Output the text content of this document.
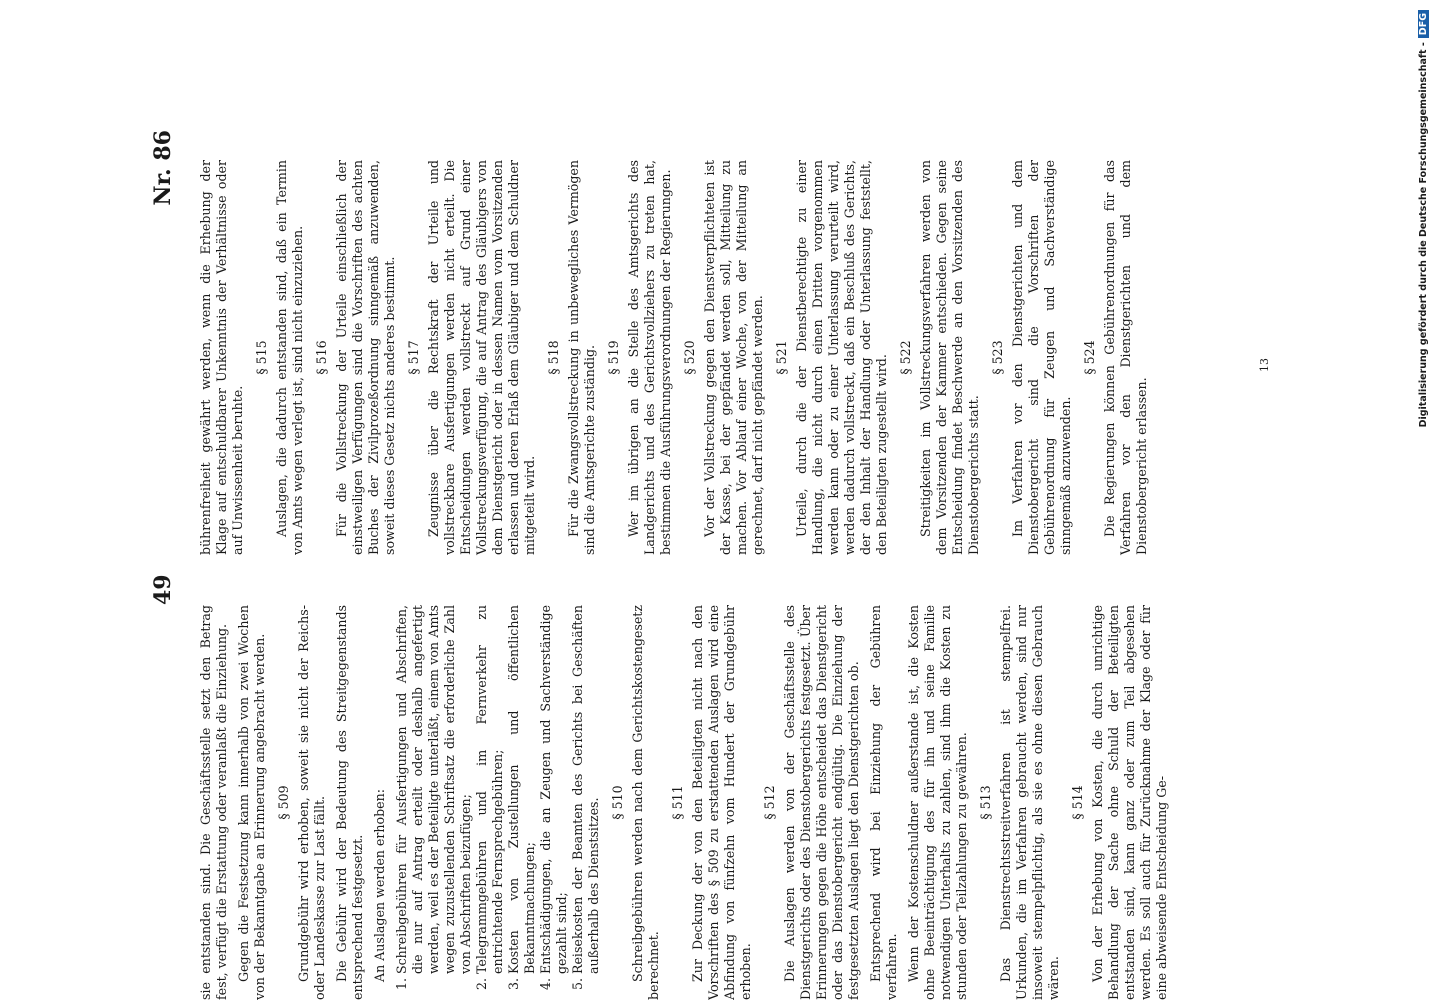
49
Nr. 86

sie entstanden sind. Die Geschäftsstelle setzt den Betrag fest, verfügt die Erstattung oder veranlaßt die Einziehung. Gegen die Festsetzung kann innerhalb von zwei Wochen von der Bekanntgabe an Erinnerung angebracht werden. § 509 Grundgebühr wird erhoben, soweit sie nicht der Reichs- oder Landeskasse zur Last fällt. Die Gebühr wird der Bedeutung des Streitgegenstands entsprechend festgesetzt. An Auslagen werden erhoben: 1. Schreibgebühren für Ausfertigungen und Abschriften, die nur auf Antrag erteilt oder deshalb angefertigt werden, weil es der Beteiligte unterläßt, einem von Amts wegen zuzustellenden Schriftsatz die erforderliche Zahl von Abschriften beizufügen; 2. Telegrammgebühren und im Fernverkehr zu entrichtende Fernsprechgebühren; 3. Kosten von Zustellungen und öffentlichen Bekanntmachungen; 4. Entschädigungen, die an Zeugen und Sachverständige gezahlt sind; 5. Reisekosten der Beamten des Gerichts bei Geschäften außerhalb des Dienstsitzes. § 510 Schreibgebühren werden nach dem Gerichtskostengesetz berechnet.

§ 511 Zur Deckung der von den Beteiligten nicht nach den Vorschriften des § 509 zu erstattenden Auslagen wird eine Abfindung von fünfzehn vom Hundert der Grundgebühr erhoben.

§ 512 Die Auslagen werden von der Geschäftsstelle des Dienstgerichts oder des Dienstobergerichts festgesetzt. Über Erinnerungen gegen die Höhe entscheidet das Dienstgericht oder das Dienstobergericht endgültig. Die Einziehung der festgesetzten Auslagen liegt den Dienstgerichten ob. Entsprechend wird bei Einziehung der Gebühren verfahren. Wenn der Kostenschuldner außerstande ist, die Kosten ohne Beeinträchtigung des für ihn und seine Familie notwendigen Unterhalts zu zahlen, sind ihm die Kosten zu stunden oder Teilzahlungen zu gewähren. § 513 Das Dienstrechtsstreitverfahren ist stempelfrei. Urkunden, die im Verfahren gebraucht werden, sind nur insoweit stempelpflichtig, als sie es ohne diesen Gebrauch wären.

§ 514 Von der Erhebung von Kosten, die durch unrichtige Behandlung der Sache ohne Schuld der Beteiligten entstanden sind, kann ganz oder zum Teil abgesehen werden. Es soll auch für Zurücknahme der Klage oder für eine abweisende Entscheidung Ge-

bührenfreiheit gewährt werden, wenn die Erhebung der Klage auf entschuldbarer Unkenntnis der Verhältnisse oder auf Unwissenheit beruhte.

§ 515 Auslagen, die dadurch entstanden sind, daß ein Termin von Amts wegen verlegt ist, sind nicht einzuziehen. § 516 Für die Vollstreckung der Urteile einschließlich der einstweiligen Verfügungen sind die Vorschriften des achten Buches der Zivilprozeßordnung sinngemäß anzuwenden, soweit dieses Gesetz nichts anderes bestimmt. § 517 Zeugnisse über die Rechtskraft der Urteile und vollstreckbare Ausfertigungen werden nicht erteilt. Die Entscheidungen werden vollstreckt auf Grund einer Vollstreckungsverfügung, die auf Antrag des Gläubigers von dem Dienstgericht oder in dessen Namen vom Vorsitzenden erlassen und deren Erlaß dem Gläubiger und dem Schuldner mitgeteilt wird.

§ 518 Für die Zwangsvollstreckung in unbewegliches Vermögen sind die Amtsgerichte zuständig. § 519 Wer im übrigen an die Stelle des Amtsgerichts des Landgerichts und des Gerichtsvollziehers zu treten hat, bestimmen die Ausführungsverordnungen der Regierungen. § 520 Vor der Vollstreckung gegen den Dienstverpflichteten ist der Kasse, bei der gepfändet werden soll, Mitteilung zu machen. Vor Ablauf einer Woche, von der Mitteilung an gerechnet, darf nicht gepfändet werden. § 521 Urteile, durch die der Dienstberechtigte zu einer Handlung, die nicht durch einen Dritten vorgenommen werden kann oder zu einer Unterlassung verurteilt wird, werden dadurch vollstreckt, daß ein Beschluß des Gerichts, der den Inhalt der Handlung oder Unterlassung feststellt, den Beteiligten zugestellt wird. § 522 Streitigkeiten im Vollstreckungsverfahren werden von dem Vorsitzenden der Kammer entschieden. Gegen seine Entscheidung findet Beschwerde an den Vorsitzenden des Dienstobergerichts statt.

§ 523 Im Verfahren vor den Dienstgerichten und dem Dienstobergericht sind die Vorschriften der Gebührenordnung für Zeugen und Sachverständige sinngemäß anzuwenden.

§ 524 Die Regierungen können Gebührenordnungen für das Verfahren vor den Dienstgerichten und dem Dienstobergericht erlassen.

13	Digitalisierung gefördert durch die Deutsche Forschungsgemeinschaft -DFG
